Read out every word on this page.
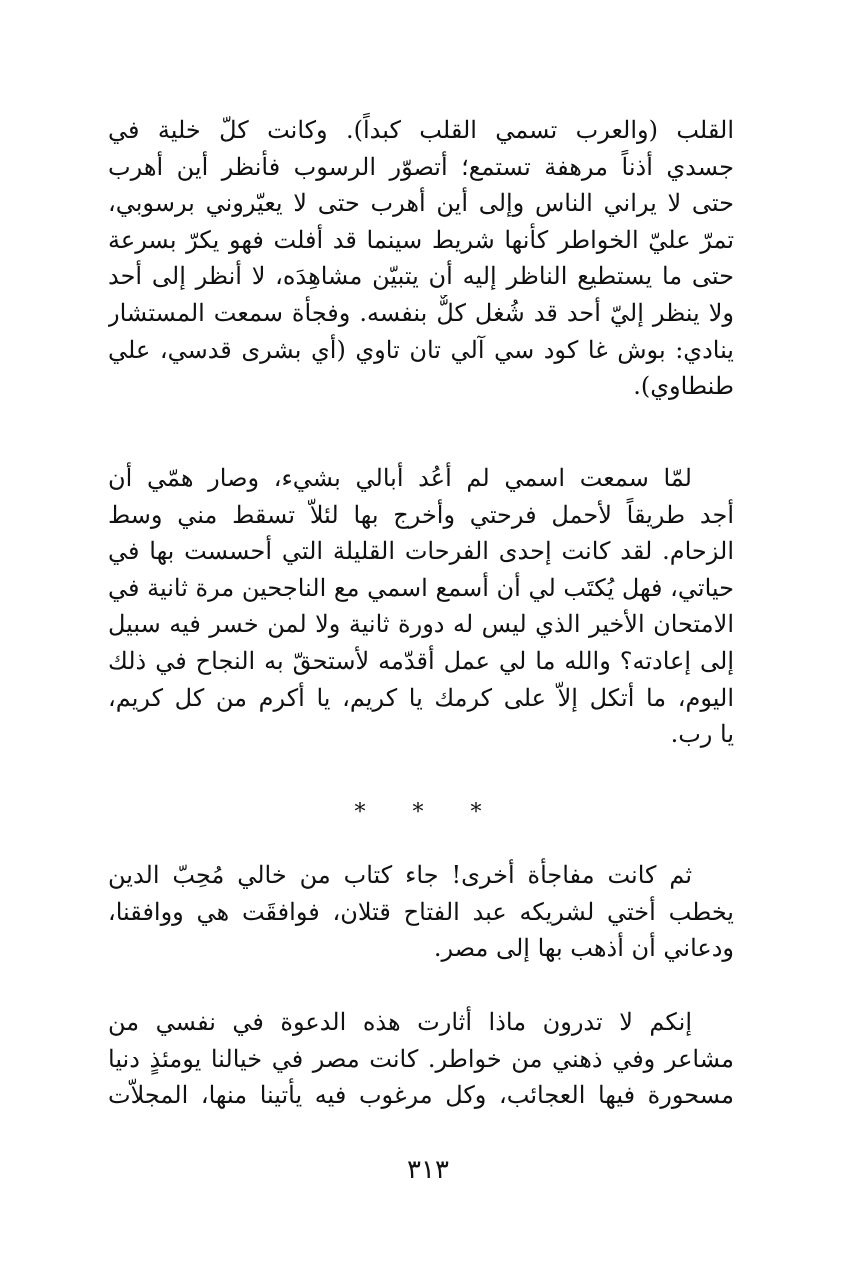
القلب (والعرب تسمي القلب كبداً). وكانت كلّ خلية في
جسدي أذناً مرهفة تستمع؛ أتصوّر الرسوب فأنظر أين أهرب
حتى لا يراني الناس وإلى أين أهرب حتى لا يعيّروني برسوبي،
تمرّ عليّ الخواطر كأنها شريط سينما قد أفلت فهو يكرّ بسرعة
حتى ما يستطيع الناظر إليه أن يتبيّن مشاهِدَه، لا أنظر إلى أحد
ولا ينظر إليّ أحد قد شُغل كلٌّ بنفسه. وفجأة سمعت المستشار
ينادي: بوش غا كود سي آلي تان تاوي (أي بشرى قدسي، علي
طنطاوي).
لمّا سمعت اسمي لم أعُد أبالي بشيء، وصار همّي أن
أجد طريقاً لأحمل فرحتي وأخرج بها لئلاّ تسقط مني وسط
الزحام. لقد كانت إحدى الفرحات القليلة التي أحسست بها في
حياتي، فهل يُكتَب لي أن أسمع اسمي مع الناجحين مرة ثانية في
الامتحان الأخير الذي ليس له دورة ثانية ولا لمن خسر فيه سبيل
إلى إعادته؟ والله ما لي عمل أقدّمه لأستحقّ به النجاح في ذلك
اليوم، ما أتكل إلاّ على كرمك يا كريم، يا أكرم من كل كريم،
يا رب.
* * *
ثم كانت مفاجأة أخرى! جاء كتاب من خالي مُحِبّ الدين
يخطب أختي لشريكه عبد الفتاح قتلان، فوافقَت هي ووافقنا،
ودعاني أن أذهب بها إلى مصر.
إنكم لا تدرون ماذا أثارت هذه الدعوة في نفسي من
مشاعر وفي ذهني من خواطر. كانت مصر في خيالنا يومئذٍ دنيا
مسحورة فيها العجائب، وكل مرغوب فيه يأتينا منها، المجلاّت
٣١٣
